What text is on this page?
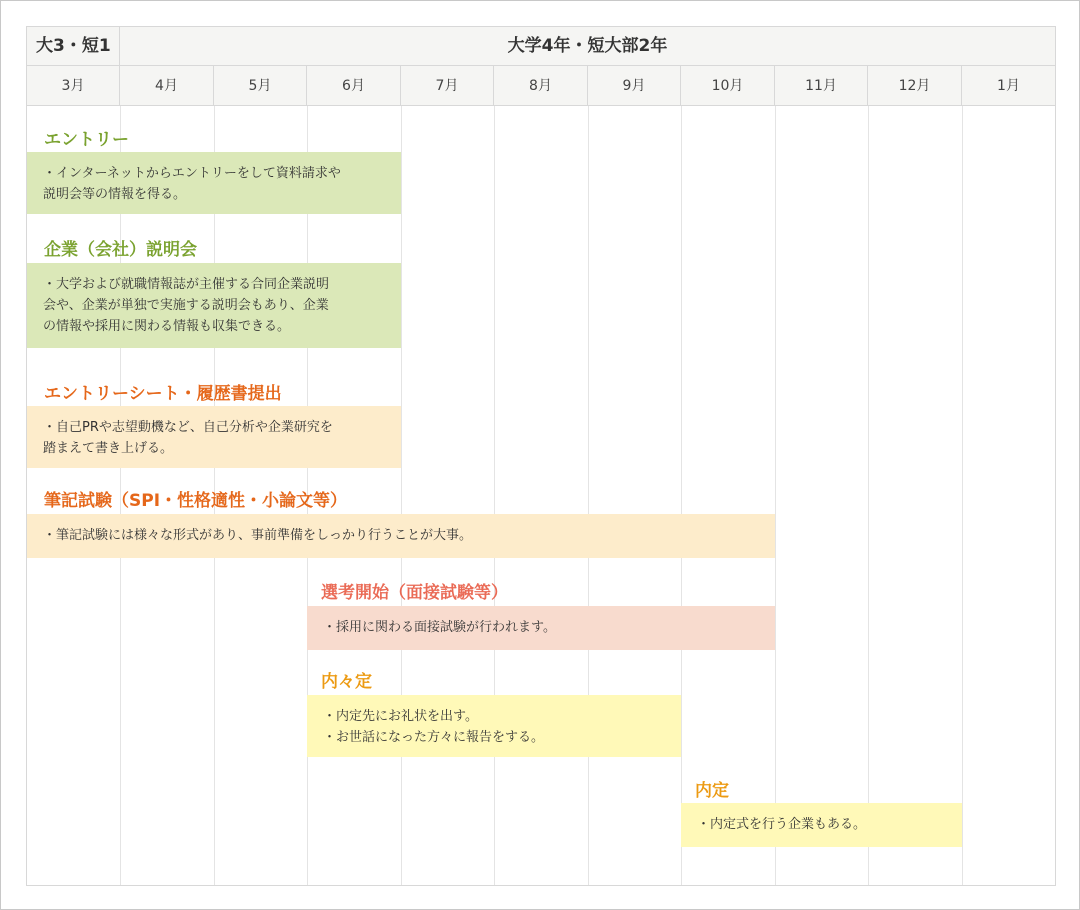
大3・短1	大学4年・短大部2年
3月	4月	5月	6月	7月	8月	9月	10月	11月	12月	1月
エントリー

・インターネットからエントリーをして資料請求や

説明会等の情報を得る。

企業（会社）説明会

・大学および就職情報誌が主催する合同企業説明

会や、企業が単独で実施する説明会もあり、企業

の情報や採用に関わる情報も収集できる。

エントリーシート・履歴書提出

・自己PRや志望動機など、自己分析や企業研究を

踏まえて書き上げる。

筆記試験（SPI・性格適性・小論文等）

・筆記試験には様々な形式があり、事前準備をしっかり行うことが大事。

選考開始（面接試験等）

・採用に関わる面接試験が行われます。

内々定

・内定先にお礼状を出す。

・お世話になった方々に報告をする。

内定

・内定式を行う企業もある。
